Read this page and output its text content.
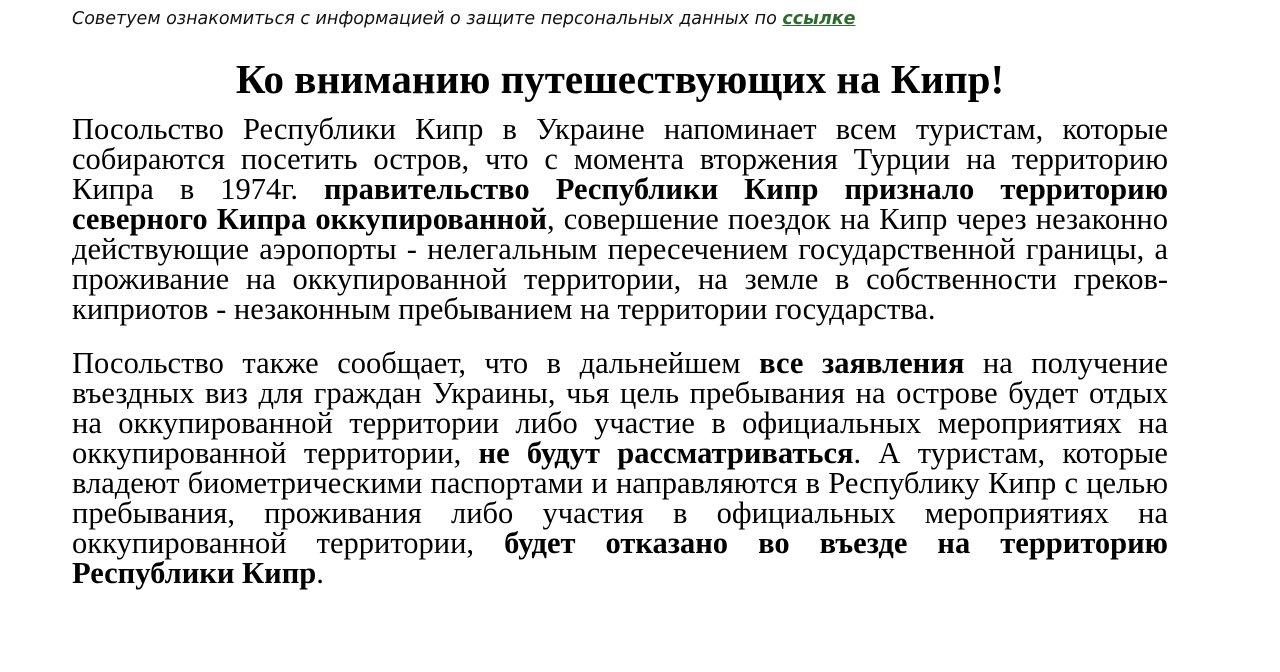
Советуем ознакомиться с информацией о защите персональных данных по ссылке
Ко вниманию путешествующих на Кипр!

Посольство Республики Кипр в Украине напоминает всем туристам, которые собираются посетить остров, что с момента вторжения Турции на территорию Кипра в 1974г. правительство Республики Кипр признало территорию северного Кипра оккупированной, совершение поездок на Кипр через незаконно действующие аэропорты - нелегальным пересечением государственной границы, а проживание на оккупированной территории, на земле в собственности греков-киприотов - незаконным пребыванием на территории государства.

Посольство также сообщает, что в дальнейшем все заявления на получение въездных виз для граждан Украины, чья цель пребывания на острове будет отдых на оккупированной территории либо участие в официальных мероприятиях на оккупированной территории, не будут рассматриваться. А туристам, которые владеют биометрическими паспортами и направляются в Республику Кипр с целью пребывания, проживания либо участия в официальных мероприятиях на оккупированной территории, будет отказано во въезде на территорию Республики Кипр.
